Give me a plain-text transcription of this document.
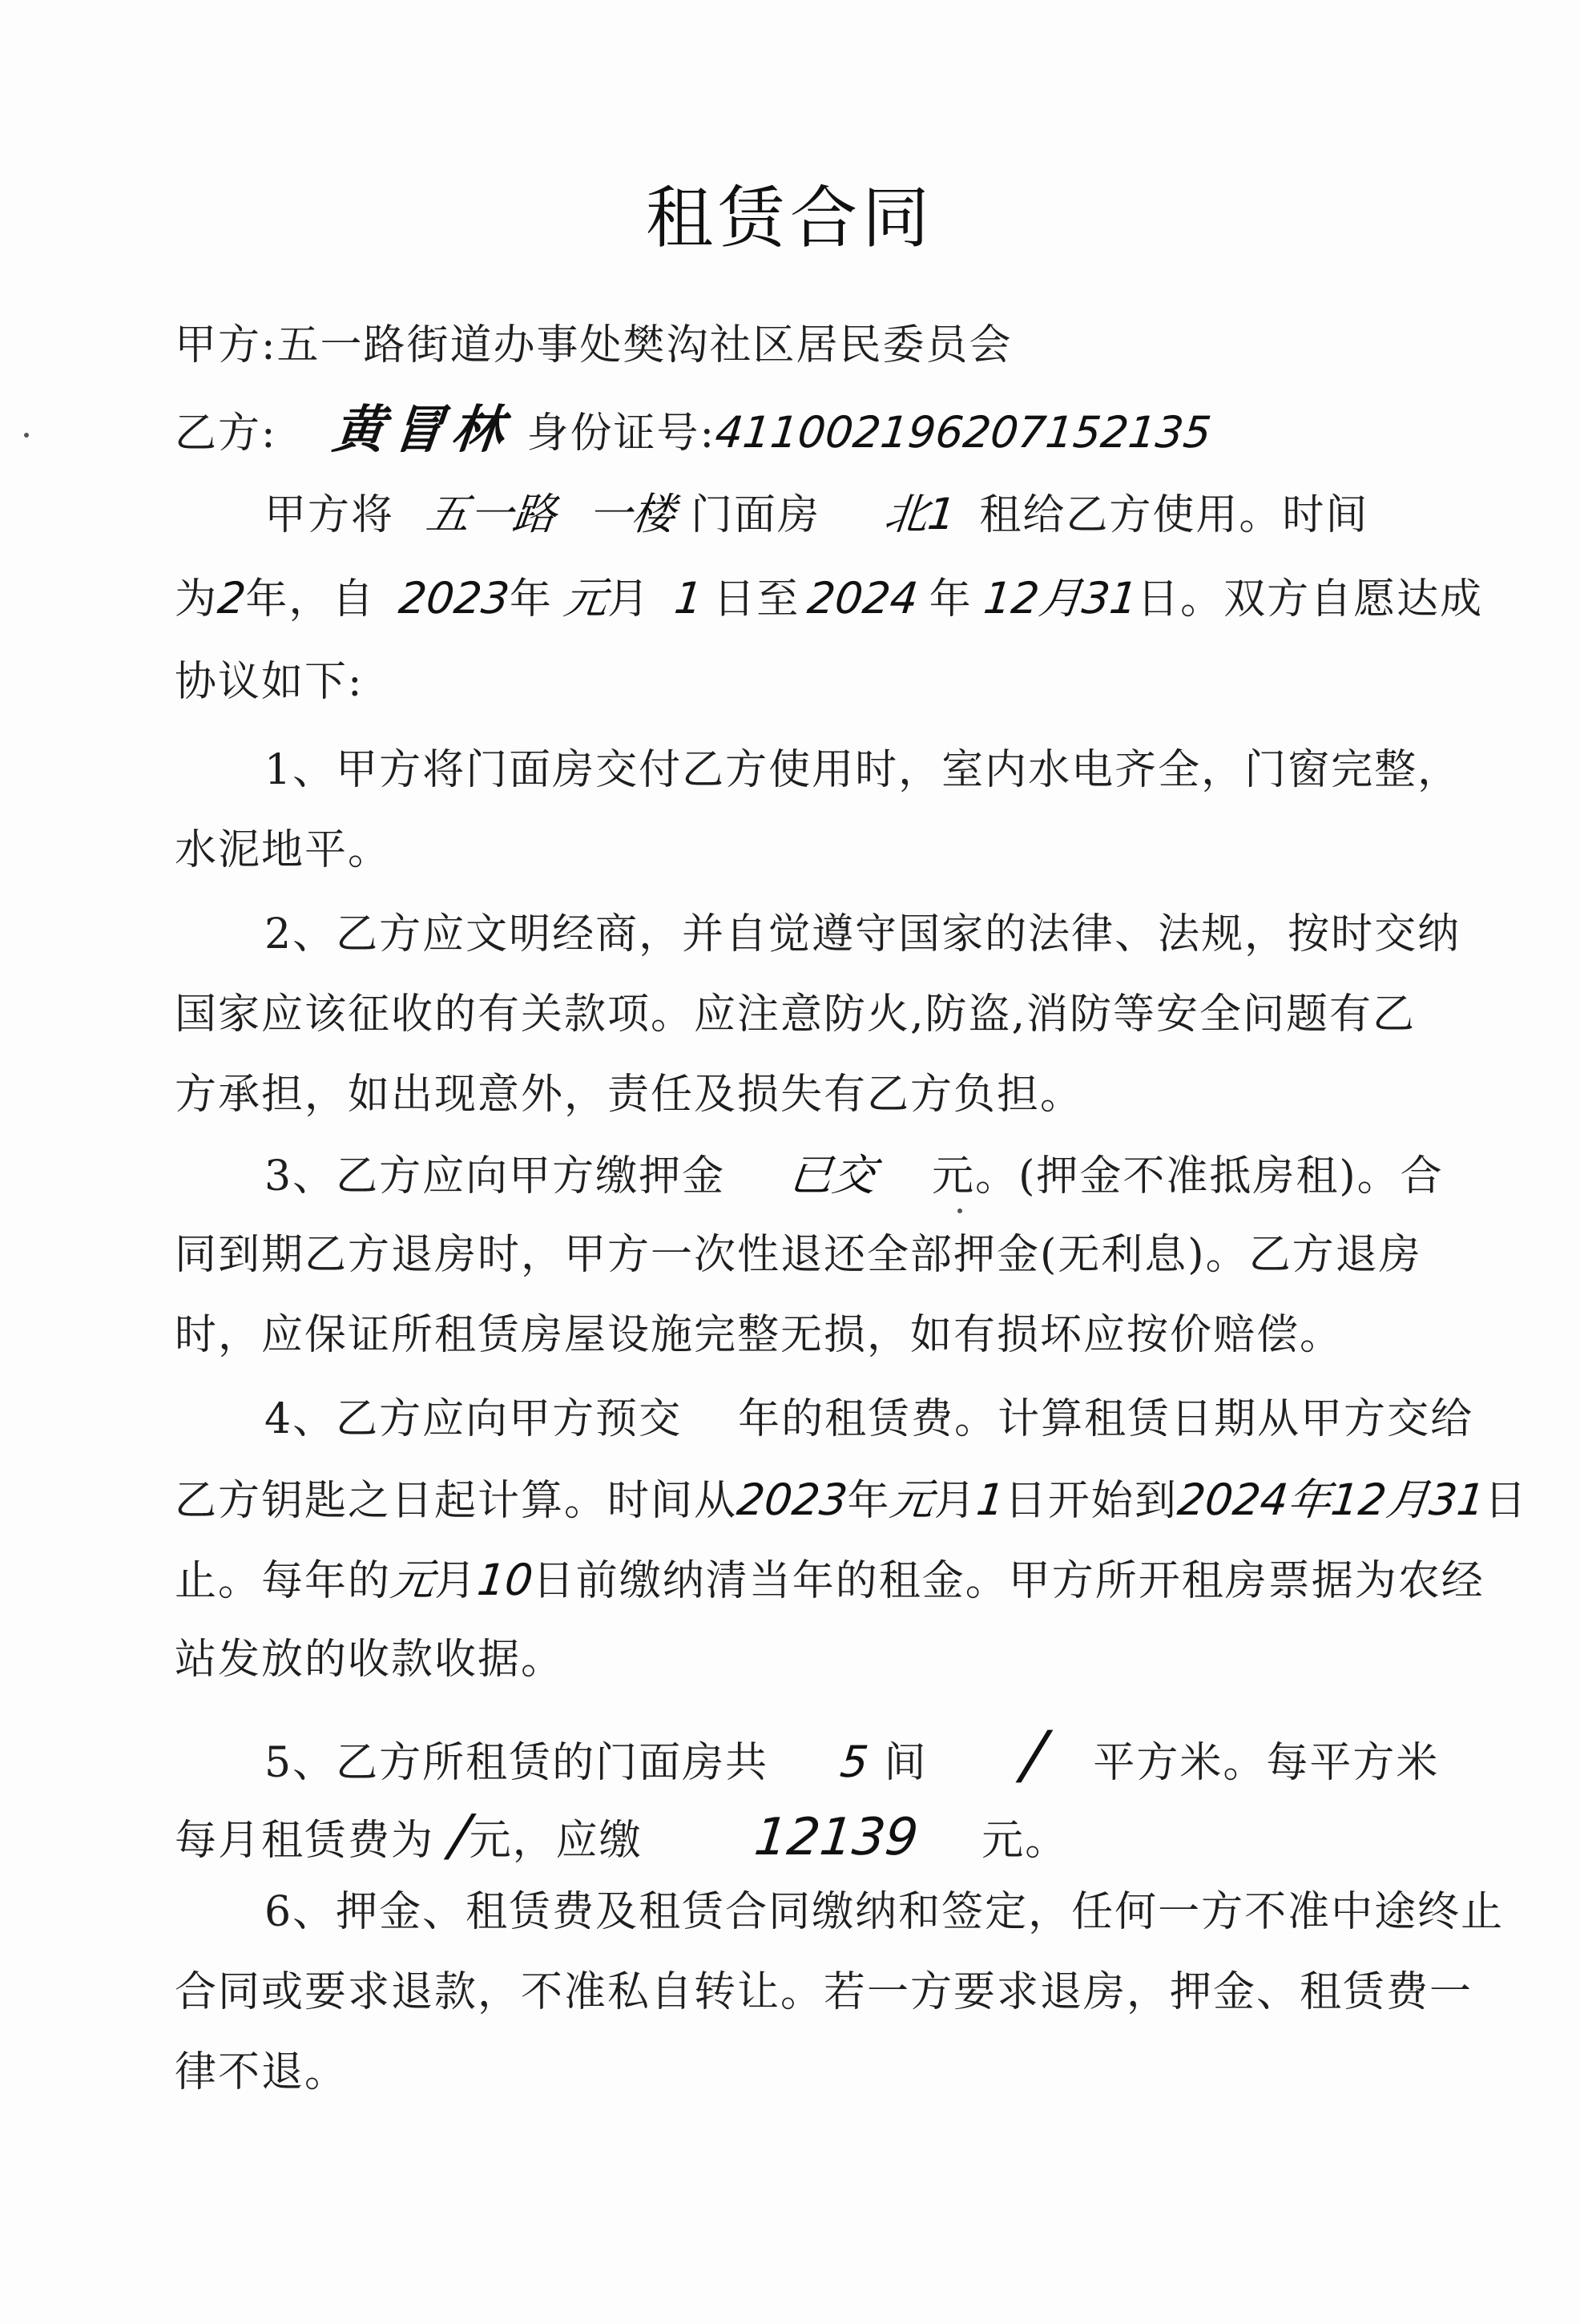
租赁合同
甲方:五一路街道办事处樊沟社区居民委员会
乙方: 黄冒林 身份证号:411002196207152135
甲方将 五一路 一楼 门面房 北1 租给乙方使用。时间
为2年，自 2023年 元月 1 日至 2024 年 12月31日。双方自愿达成
协议如下:
1、甲方将门面房交付乙方使用时，室内水电齐全，门窗完整，
水泥地平。
2、乙方应文明经商，并自觉遵守国家的法律、法规，按时交纳
国家应该征收的有关款项。应注意防火,防盗,消防等安全问题有乙
方承担，如出现意外，责任及损失有乙方负担。
3、乙方应向甲方缴押金 已交 元。(押金不准抵房租)。合
同到期乙方退房时，甲方一次性退还全部押金(无利息)。乙方退房
时，应保证所租赁房屋设施完整无损，如有损坏应按价赔偿。
4、乙方应向甲方预交 年的租赁费。计算租赁日期从甲方交给
乙方钥匙之日起计算。时间从2023年元月1日开始到2024年12月31日
止。每年的元月10日前缴纳清当年的租金。甲方所开租房票据为农经
站发放的收款收据。
5、乙方所租赁的门面房共 5 间 / 平方米。每平方米
每月租赁费为 /元，应缴 12139 元。
6、押金、租赁费及租赁合同缴纳和签定，任何一方不准中途终止
合同或要求退款，不准私自转让。若一方要求退房，押金、租赁费一
律不退。
